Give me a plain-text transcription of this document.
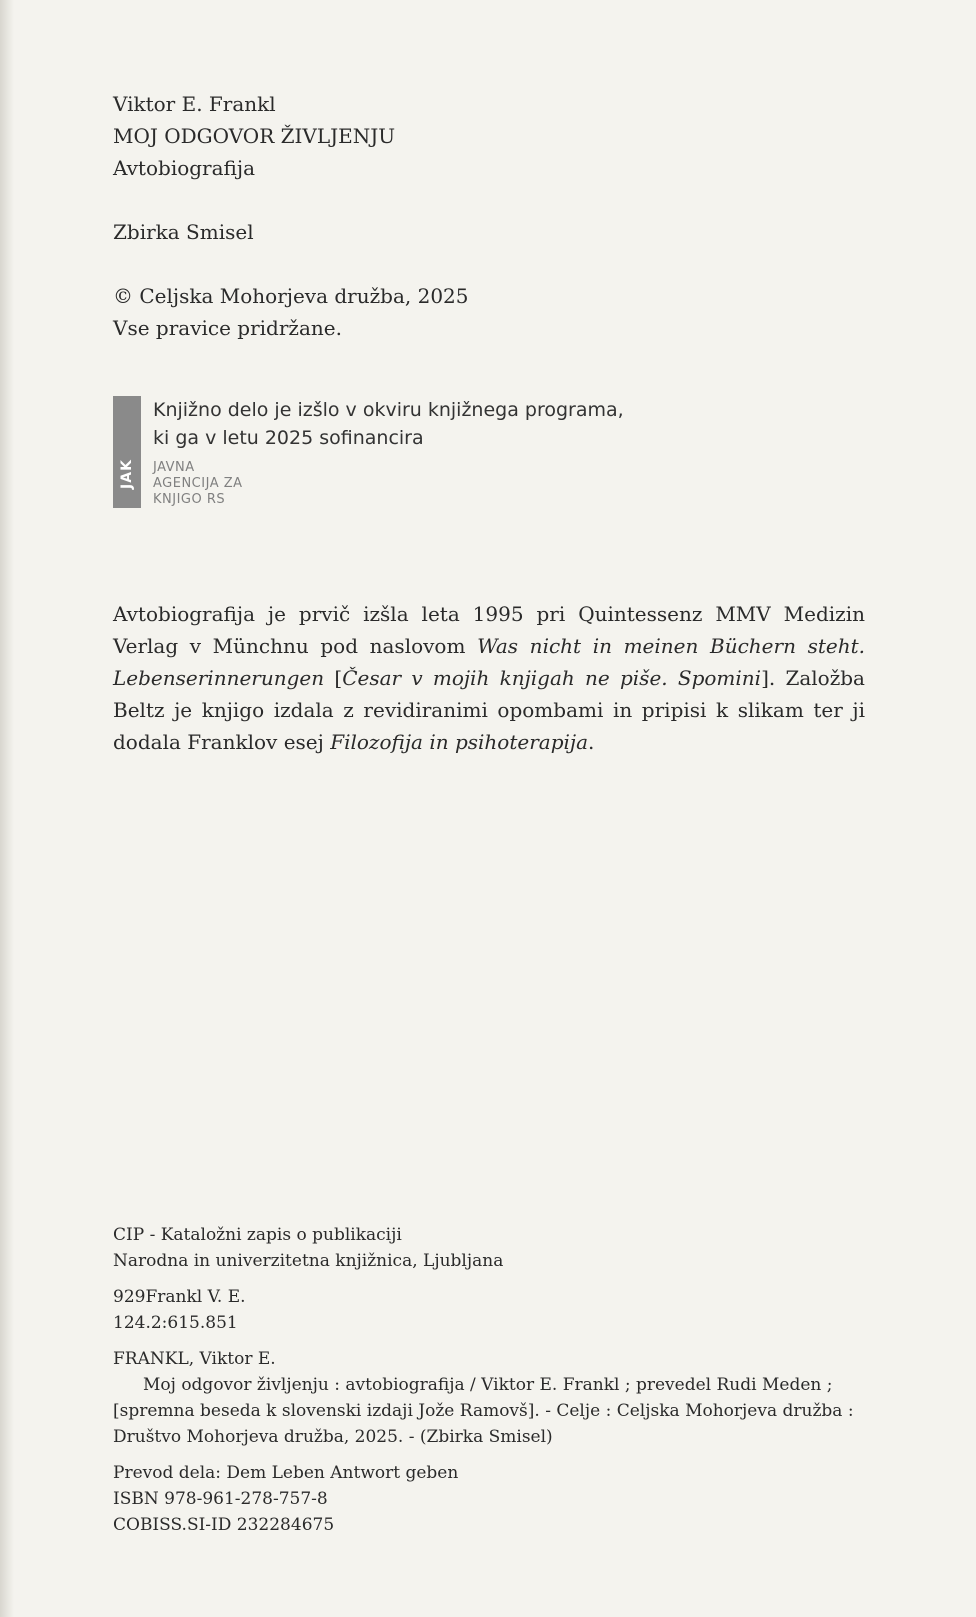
Viktor E. Frankl
MOJ ODGOVOR ŽIVLJENJU
Avtobiografija
Zbirka Smisel
© Celjska Mohorjeva družba, 2025
Vse pravice pridržane.
JAK
Knjižno delo je izšlo v okviru knjižnega programa,
ki ga v letu 2025 sofinancira
JAVNA
AGENCIJA ZA
KNJIGO RS

Avtobiografija je prvič izšla leta 1995 pri Quintessenz MMV Medizin Verlag v Münchnu pod naslovom Was nicht in meinen Büchern steht. Lebenserinnerungen [Česar v mojih knjigah ne piše. Spomini]. Založba Beltz je knjigo izdala z revidiranimi opombami in pripisi k slikam ter ji dodala Franklov esej Filozofija in psihoterapija.

CIP - Kataložni zapis o publikaciji
Narodna in univerzitetna knjižnica, Ljubljana
929Frankl V. E.
124.2:615.851
FRANKL, Viktor E.
Moj odgovor življenju : avtobiografija / Viktor E. Frankl ; prevedel Rudi Meden ; [spremna beseda k slovenski izdaji Jože Ramovš]. - Celje : Celjska Mohorjeva družba : Društvo Mohorjeva družba, 2025. - (Zbirka Smisel)
Prevod dela: Dem Leben Antwort geben
ISBN 978-961-278-757-8
COBISS.SI-ID 232284675
